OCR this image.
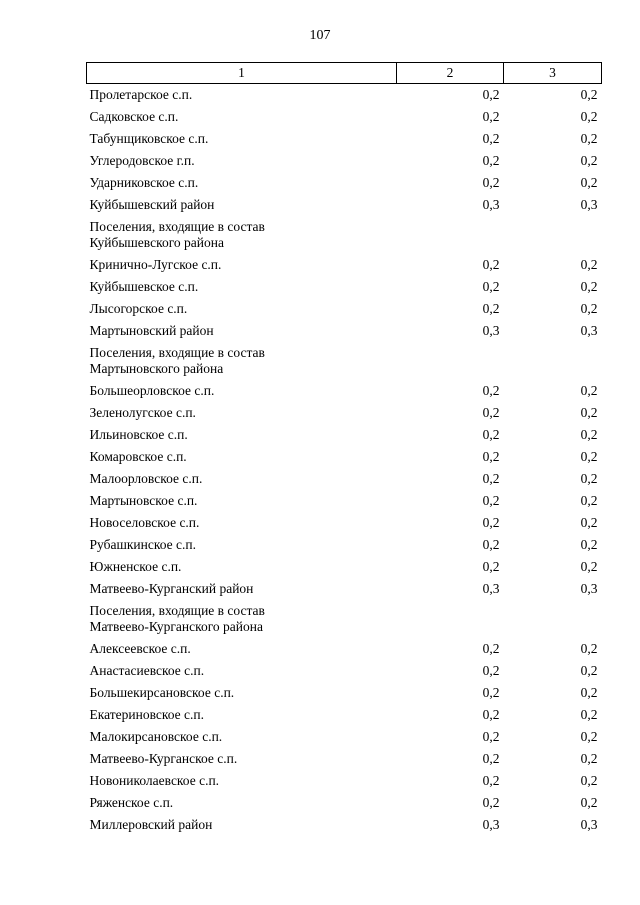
107
1	2	3

Пролетарское с.п.	0,2	0,2

Садковское с.п.	0,2	0,2

Табунщиковское с.п.	0,2	0,2

Углеродовское г.п.	0,2	0,2

Ударниковское с.п.	0,2	0,2

Куйбышевский район	0,3	0,3

Поселения, входящие в состав
Куйбышевского района		

Кринично-Лугское с.п.	0,2	0,2

Куйбышевское с.п.	0,2	0,2

Лысогорское с.п.	0,2	0,2

Мартыновский район	0,3	0,3

Поселения, входящие в состав
Мартыновского района		

Большеорловское с.п.	0,2	0,2

Зеленолугское с.п.	0,2	0,2

Ильиновское с.п.	0,2	0,2

Комаровское с.п.	0,2	0,2

Малоорловское с.п.	0,2	0,2

Мартыновское с.п.	0,2	0,2

Новоселовское с.п.	0,2	0,2

Рубашкинское с.п.	0,2	0,2

Южненское с.п.	0,2	0,2

Матвеево-Курганский район	0,3	0,3

Поселения, входящие в состав
Матвеево-Курганского района		

Алексеевское с.п.	0,2	0,2

Анастасиевское с.п.	0,2	0,2

Большекирсановское с.п.	0,2	0,2

Екатериновское с.п.	0,2	0,2

Малокирсановское с.п.	0,2	0,2

Матвеево-Курганское с.п.	0,2	0,2

Новониколаевское с.п.	0,2	0,2

Ряженское с.п.	0,2	0,2

Миллеровский район	0,3	0,3
